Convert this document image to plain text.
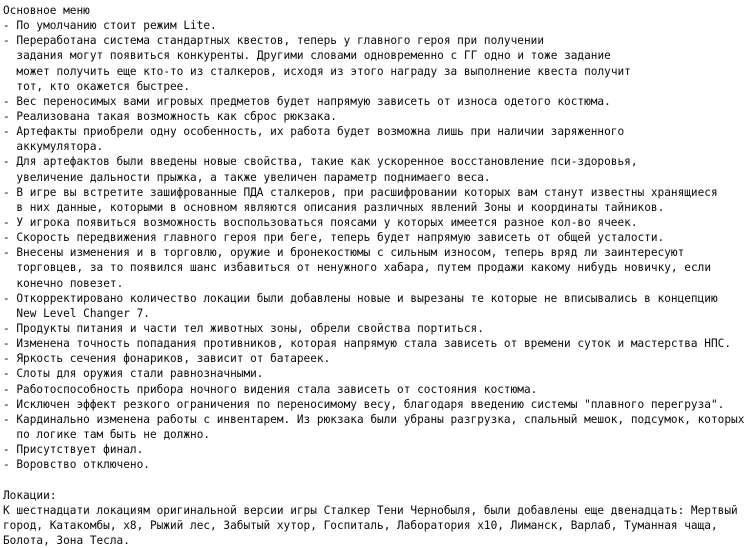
Основное меню
- По умолчанию стоит режим Lite.
- Переработана система стандартных квестов, теперь у главного героя при получении
задания могут появиться конкуренты. Другими словами одновременно с ГГ одно и тоже задание
может получить еще кто-то из сталкеров, исходя из этого награду за выполнение квеста получит
тот, кто окажется быстрее.
- Вес переносимых вами игровых предметов будет напрямую зависеть от износа одетого костюма.
- Реализована такая возможность как сброс рюкзака.
- Артефакты приобрели одну особенность, их работа будет возможна лишь при наличии заряженного
аккумулятора.
- Для артефактов были введены новые свойства, такие как ускоренное восстановление пси-здоровья,
увеличение дальности прыжка, а также увеличен параметр поднимаего веса.
- В игре вы встретите зашифрованные ПДА сталкеров, при расшифровании которых вам станут известны хранящиеся
в них данные, которыми в основном являются описания различных явлений Зоны и координаты тайников.
- У игрока появиться возможность воспользоваться поясами у которых имеется разное кол-во ячеек.
- Скорость передвижения главного героя при беге, теперь будет напрямую зависеть от общей усталости.
- Внесены изменения и в торговлю, оружие и бронекостюмы с сильным износом, теперь вряд ли заинтересуют
торговцев, за то появился шанс избавиться от ненужного хабара, путем продажи какому нибудь новичку, если
конечно повезет.
- Откорректировано количество локации были добавлены новые и вырезаны те которые не вписывались в концепцию
New Level Changer 7.
- Продукты питания и части тел животных зоны, обрели свойства портиться.
- Изменена точность попадания противников, которая напрямую стала зависеть от времени суток и мастерства НПС.
- Яркость сечения фонариков, зависит от батареек.
- Слоты для оружия стали равнозначными.
- Работоспособность прибора ночного видения стала зависеть от состояния костюма.
- Исключен эффект резкого ограничения по переносимому весу, благодаря введению системы "плавного перегруза".
- Кардинально изменена работы с инвентарем. Из рюкзака были убраны разгрузка, спальный мешок, подсумок, которых
по логике там быть не должно.
- Присутствует финал.
- Воровство отключено.

Локации:
К шестнадцати локациям оригинальной версии игры Сталкер Тени Чернобыля, были добавлены еще двенадцать: Мертвый
город, Катакомбы, х8, Рыжий лес, Забытый хутор, Госпиталь, Лаборатория х10, Лиманск, Варлаб, Туманная чаща,
Болота, Зона Тесла.
